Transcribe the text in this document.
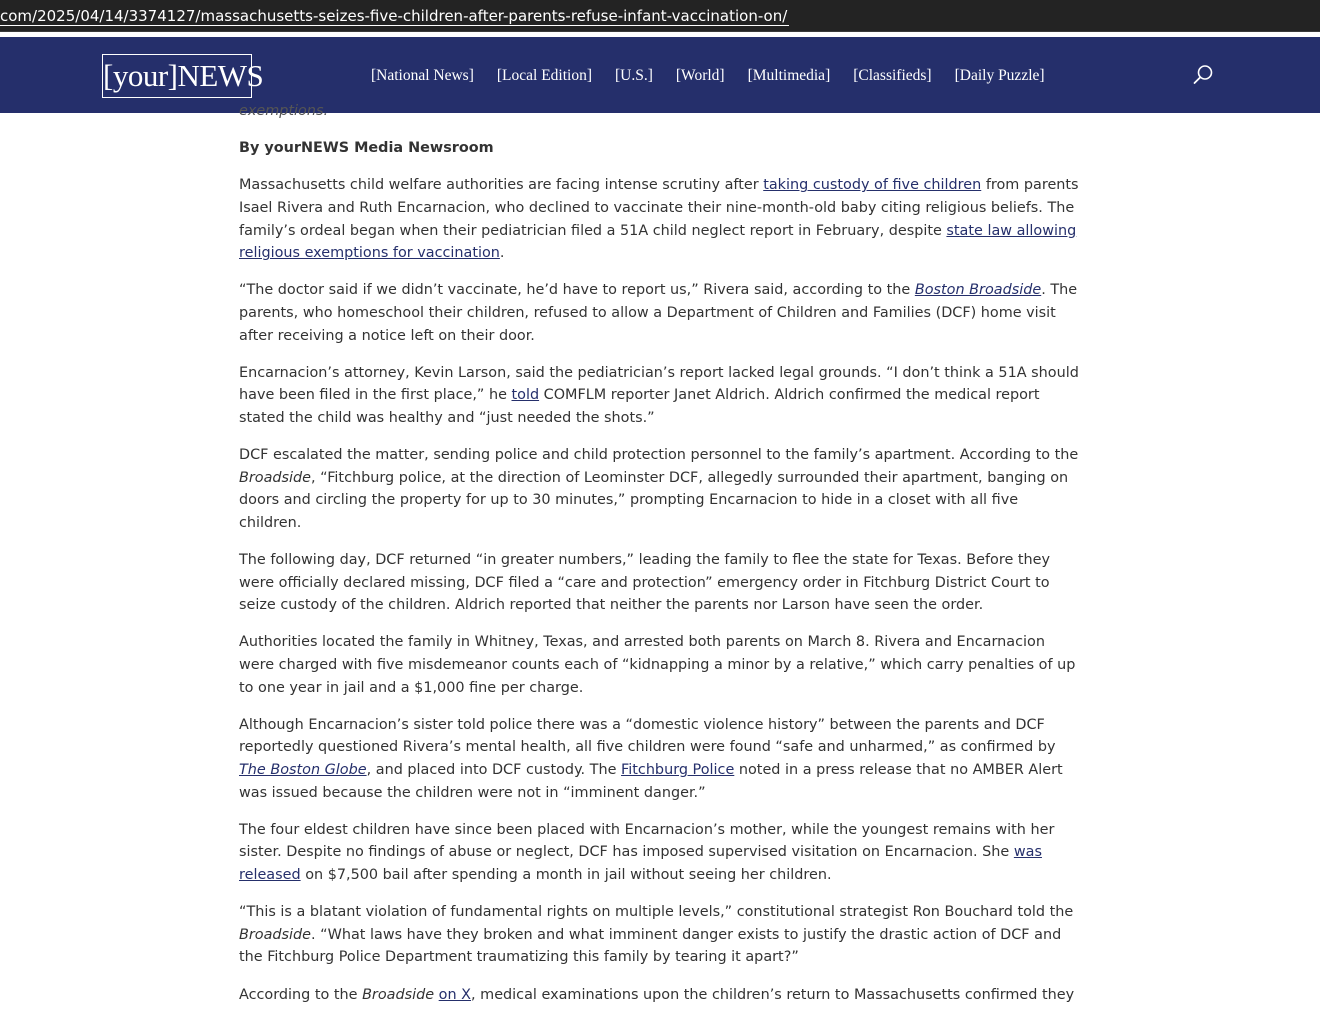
com/2025/04/14/3374127/massachusetts-seizes-five-children-after-parents-refuse-infant-vaccination-on/
[your]NEWS	[National News] [Local Edition] [U.S.] [World] [Multimedia] [Classifieds] [Daily Puzzle]
exemptions.
By yourNEWS Media Newsroom

Massachusetts child welfare authorities are facing intense scrutiny after taking custody of five children from parents Isael Rivera and Ruth Encarnacion, who declined to vaccinate their nine-month-old baby citing religious beliefs. The family’s ordeal began when their pediatrician filed a 51A child neglect report in February, despite state law allowing religious exemptions for vaccination.

“The doctor said if we didn’t vaccinate, he’d have to report us,” Rivera said, according to the Boston Broadside. The parents, who homeschool their children, refused to allow a Department of Children and Families (DCF) home visit after receiving a notice left on their door.

Encarnacion’s attorney, Kevin Larson, said the pediatrician’s report lacked legal grounds. “I don’t think a 51A should have been filed in the first place,” he told COMFLM reporter Janet Aldrich. Aldrich confirmed the medical report stated the child was healthy and “just needed the shots.”

DCF escalated the matter, sending police and child protection personnel to the family’s apartment. According to the Broadside, “Fitchburg police, at the direction of Leominster DCF, allegedly surrounded their apartment, banging on doors and circling the property for up to 30 minutes,” prompting Encarnacion to hide in a closet with all five children.

The following day, DCF returned “in greater numbers,” leading the family to flee the state for Texas. Before they were officially declared missing, DCF filed a “care and protection” emergency order in Fitchburg District Court to seize custody of the children. Aldrich reported that neither the parents nor Larson have seen the order.

Authorities located the family in Whitney, Texas, and arrested both parents on March 8. Rivera and Encarnacion were charged with five misdemeanor counts each of “kidnapping a minor by a relative,” which carry penalties of up to one year in jail and a $1,000 fine per charge.

Although Encarnacion’s sister told police there was a “domestic violence history” between the parents and DCF reportedly questioned Rivera’s mental health, all five children were found “safe and unharmed,” as confirmed by The Boston Globe, and placed into DCF custody. The Fitchburg Police noted in a press release that no AMBER Alert was issued because the children were not in “imminent danger.”

The four eldest children have since been placed with Encarnacion’s mother, while the youngest remains with her sister. Despite no findings of abuse or neglect, DCF has imposed supervised visitation on Encarnacion. She was released on $7,500 bail after spending a month in jail without seeing her children.

“This is a blatant violation of fundamental rights on multiple levels,” constitutional strategist Ron Bouchard told the Broadside. “What laws have they broken and what imminent danger exists to justify the drastic action of DCF and the Fitchburg Police Department traumatizing this family by tearing it apart?”

According to the Broadside on X, medical examinations upon the children’s return to Massachusetts confirmed they
